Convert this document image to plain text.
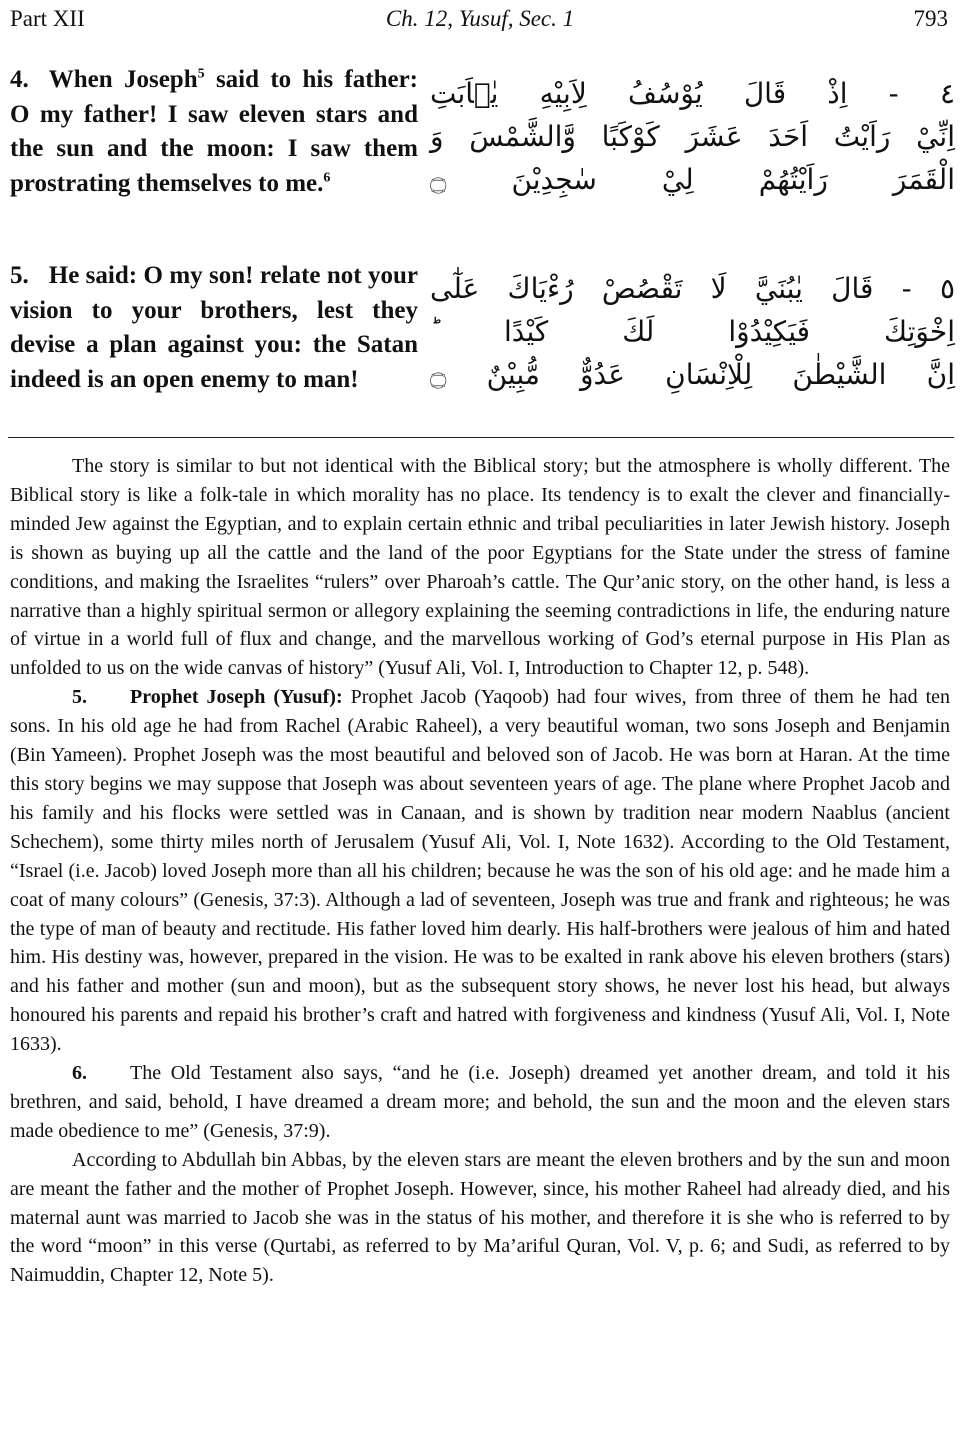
Part XII	Ch. 12, Yusuf, Sec. 1	793
4. When Joseph$^5$ said to his father: O my father! I saw eleven stars and the sun and the moon: I saw them prostrating themselves to me.$^6$
٤ - اِذْ قَالَ يُوْسُفُ لِاَبِيْهِ يٰۤاَبَتِ
اِنِّيْ رَاَيْتُ اَحَدَ عَشَرَ كَوْكَبًا وَّالشَّمْسَ وَ
الْقَمَرَ رَاَيْتُهُمْ لِيْ سٰجِدِيْنَ ۝
5. He said: O my son! relate not your vision to your brothers, lest they devise a plan against you: the Satan indeed is an open enemy to man!
٥ - قَالَ يٰبُنَيَّ لَا تَقْصُصْ رُءْيَاكَ عَلٰٓى
اِخْوَتِكَ فَيَكِيْدُوْا لَكَ كَيْدًا ؕ
اِنَّ الشَّيْطٰنَ لِلْاِنْسَانِ عَدُوٌّ مُّبِيْنٌ ۝

The story is similar to but not identical with the Biblical story; but the atmosphere is wholly different. The Biblical story is like a folk-tale in which morality has no place. Its tendency is to exalt the clever and financially-minded Jew against the Egyptian, and to explain certain ethnic and tribal peculiarities in later Jewish history. Joseph is shown as buying up all the cattle and the land of the poor Egyptians for the State under the stress of famine conditions, and making the Israelites “rulers” over Pharoah’s cattle. The Qur’anic story, on the other hand, is less a narrative than a highly spiritual sermon or allegory explaining the seeming contradictions in life, the enduring nature of virtue in a world full of flux and change, and the marvellous working of God’s eternal purpose in His Plan as unfolded to us on the wide canvas of history” (Yusuf Ali, Vol. I, Introduction to Chapter 12, p. 548).

5. Prophet Joseph (Yusuf): Prophet Jacob (Yaqoob) had four wives, from three of them he had ten sons. In his old age he had from Rachel (Arabic Raheel), a very beautiful woman, two sons Joseph and Benjamin (Bin Yameen). Prophet Joseph was the most beautiful and beloved son of Jacob. He was born at Haran. At the time this story begins we may suppose that Joseph was about seventeen years of age. The plane where Prophet Jacob and his family and his flocks were settled was in Canaan, and is shown by tradition near modern Naablus (ancient Schechem), some thirty miles north of Jerusalem (Yusuf Ali, Vol. I, Note 1632). According to the Old Testament, “Israel (i.e. Jacob) loved Joseph more than all his children; because he was the son of his old age: and he made him a coat of many colours” (Genesis, 37:3). Although a lad of seventeen, Joseph was true and frank and righteous; he was the type of man of beauty and rectitude. His father loved him dearly. His half-brothers were jealous of him and hated him. His destiny was, however, prepared in the vision. He was to be exalted in rank above his eleven brothers (stars) and his father and mother (sun and moon), but as the subsequent story shows, he never lost his head, but always honoured his parents and repaid his brother’s craft and hatred with forgiveness and kindness (Yusuf Ali, Vol. I, Note 1633).

6. The Old Testament also says, “and he (i.e. Joseph) dreamed yet another dream, and told it his brethren, and said, behold, I have dreamed a dream more; and behold, the sun and the moon and the eleven stars made obedience to me” (Genesis, 37:9).

According to Abdullah bin Abbas, by the eleven stars are meant the eleven brothers and by the sun and moon are meant the father and the mother of Prophet Joseph. However, since, his mother Raheel had already died, and his maternal aunt was married to Jacob she was in the status of his mother, and therefore it is she who is referred to by the word “moon” in this verse (Qurtabi, as referred to by Ma’ariful Quran, Vol. V, p. 6; and Sudi, as referred to by Naimuddin, Chapter 12, Note 5).
